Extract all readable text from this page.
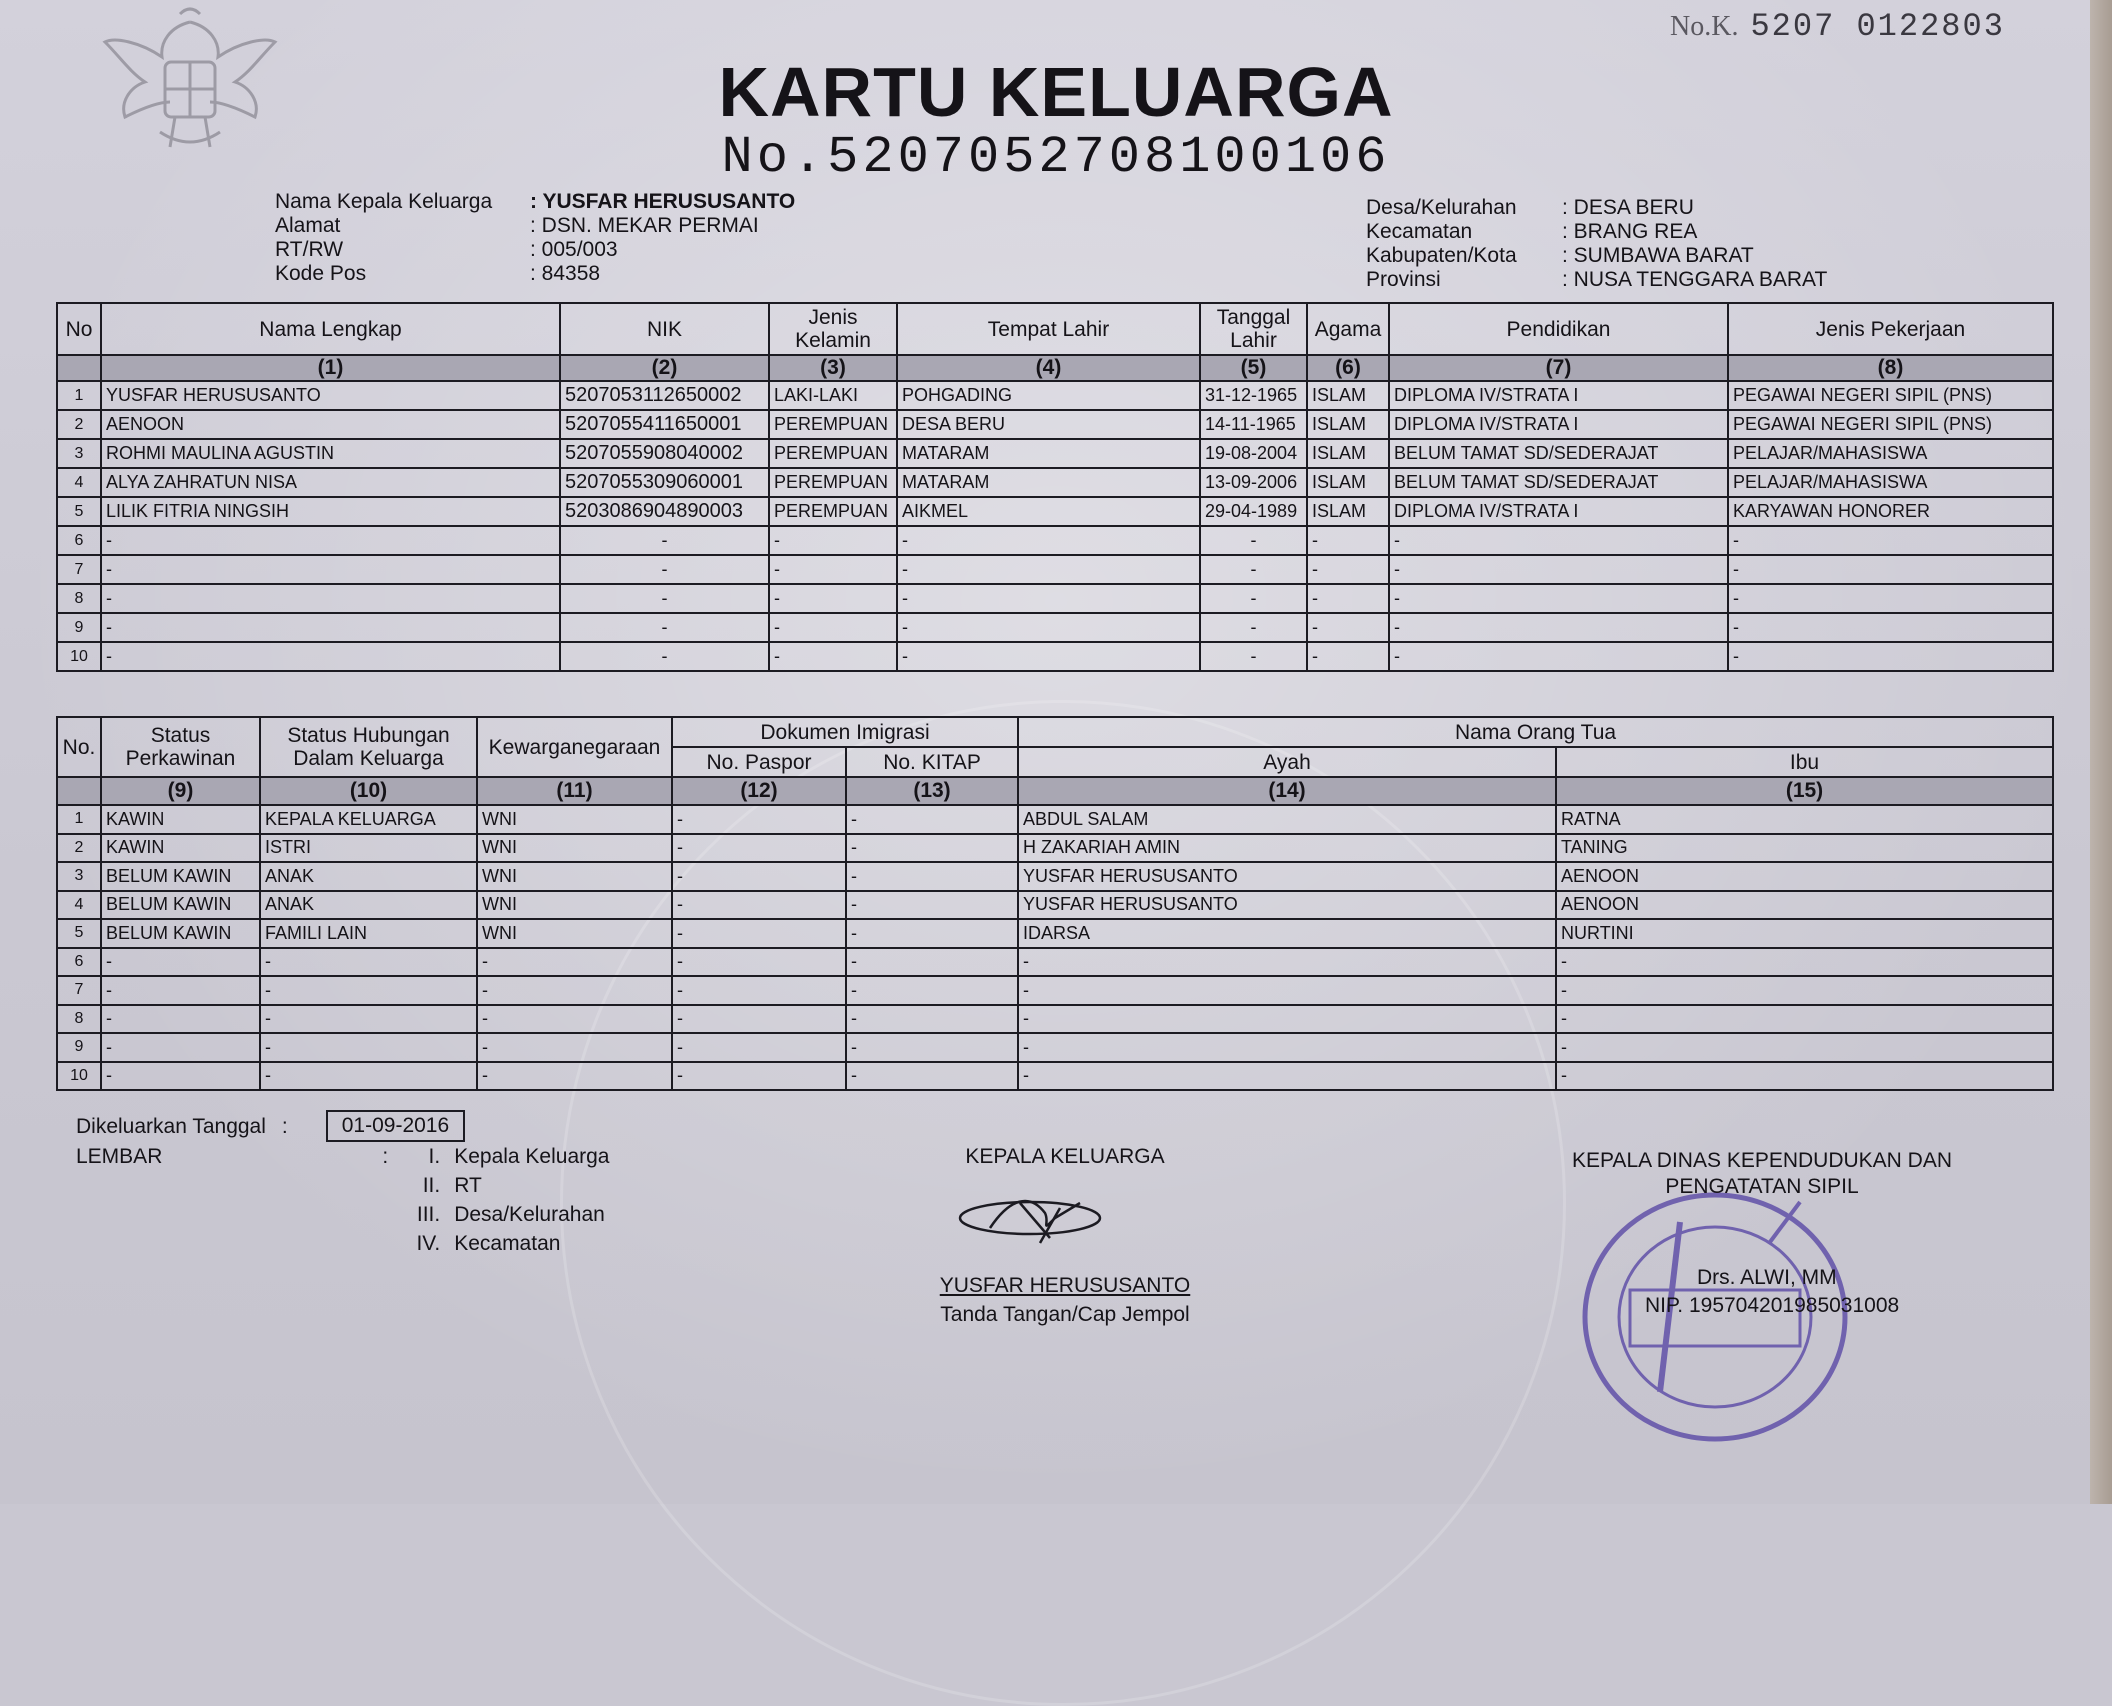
No.K. 5207 0122803
KARTU KELUARGA
No.5207052708100106
Nama Kepala Keluarga	: YUSFAR HERUSUSANTO
Alamat	: DSN. MEKAR PERMAI
RT/RW	: 005/003
Kode Pos	: 84358
Desa/Kelurahan	: DESA BERU
Kecamatan	: BRANG REA
Kabupaten/Kota	: SUMBAWA BARAT
Provinsi	: NUSA TENGGARA BARAT
No	Nama Lengkap	NIK	Jenis Kelamin	Tempat Lahir	Tanggal Lahir	Agama	Pendidikan	Jenis Pekerjaan
	(1)	(2)	(3)	(4)	(5)	(6)	(7)	(8)
1	YUSFAR HERUSUSANTO	5207053112650002	LAKI-LAKI	POHGADING	31-12-1965	ISLAM	DIPLOMA IV/STRATA I	PEGAWAI NEGERI SIPIL (PNS)
2	AENOON	5207055411650001	PEREMPUAN	DESA BERU	14-11-1965	ISLAM	DIPLOMA IV/STRATA I	PEGAWAI NEGERI SIPIL (PNS)
3	ROHMI MAULINA AGUSTIN	5207055908040002	PEREMPUAN	MATARAM	19-08-2004	ISLAM	BELUM TAMAT SD/SEDERAJAT	PELAJAR/MAHASISWA
4	ALYA ZAHRATUN NISA	5207055309060001	PEREMPUAN	MATARAM	13-09-2006	ISLAM	BELUM TAMAT SD/SEDERAJAT	PELAJAR/MAHASISWA
5	LILIK FITRIA NINGSIH	5203086904890003	PEREMPUAN	AIKMEL	29-04-1989	ISLAM	DIPLOMA IV/STRATA I	KARYAWAN HONORER
6	-	-	-	-	-	-	-	-
7	-	-	-	-	-	-	-	-
8	-	-	-	-	-	-	-	-
9	-	-	-	-	-	-	-	-
10	-	-	-	-	-	-	-	-
No.	Status Perkawinan	Status Hubungan Dalam Keluarga	Kewarganegaraan	Dokumen Imigrasi		Nama Orang Tua	
				No. Paspor	No. KITAP	Ayah	Ibu
	(9)	(10)	(11)	(12)	(13)	(14)	(15)
1	KAWIN	KEPALA KELUARGA	WNI	-	-	ABDUL SALAM	RATNA
2	KAWIN	ISTRI	WNI	-	-	H ZAKARIAH AMIN	TANING
3	BELUM KAWIN	ANAK	WNI	-	-	YUSFAR HERUSUSANTO	AENOON
4	BELUM KAWIN	ANAK	WNI	-	-	YUSFAR HERUSUSANTO	AENOON
5	BELUM KAWIN	FAMILI LAIN	WNI	-	-	IDARSA	NURTINI
6	-	-	-	-	-	-	-
7	-	-	-	-	-	-	-
8	-	-	-	-	-	-	-
9	-	-	-	-	-	-	-
10	-	-	-	-	-	-	-
Dikeluarkan Tanggal :	01-09-2016
LEMBAR	:	I. Kepala Keluarga
II. RT
III. Desa/Kelurahan
IV. Kecamatan
KEPALA KELUARGA
YUSFAR HERUSUSANTO
Tanda Tangan/Cap Jempol
KEPALA DINAS KEPENDUDUKAN DAN PENGATATAN SIPIL
Drs. ALWI, MM
NIP. 195704201985031008
